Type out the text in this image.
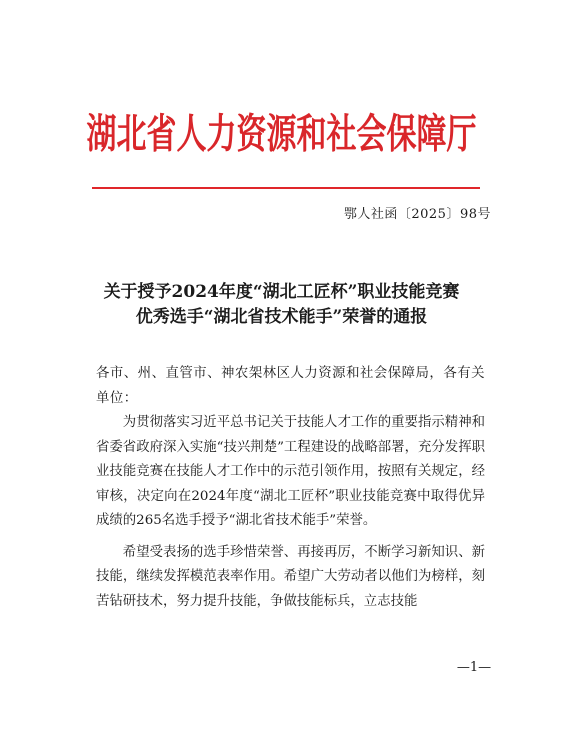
湖北省人力资源和社会保障厅
鄂人社函〔2025〕98号
关于授予2024年度“湖北工匠杯”职业技能竞赛
优秀选手“湖北省技术能手”荣誉的通报

各市、州、直管市、神农架林区人力资源和社会保障局，各有关单位：

为贯彻落实习近平总书记关于技能人才工作的重要指示精神和省委省政府深入实施“技兴荆楚”工程建设的战略部署，充分发挥职业技能竞赛在技能人才工作中的示范引领作用，按照有关规定，经审核，决定向在2024年度“湖北工匠杯”职业技能竞赛中取得优异成绩的265名选手授予“湖北省技术能手”荣誉。

希望受表扬的选手珍惜荣誉、再接再厉，不断学习新知识、新技能，继续发挥模范表率作用。希望广大劳动者以他们为榜样，刻苦钻研技术，努力提升技能，争做技能标兵，立志技能

—1—
